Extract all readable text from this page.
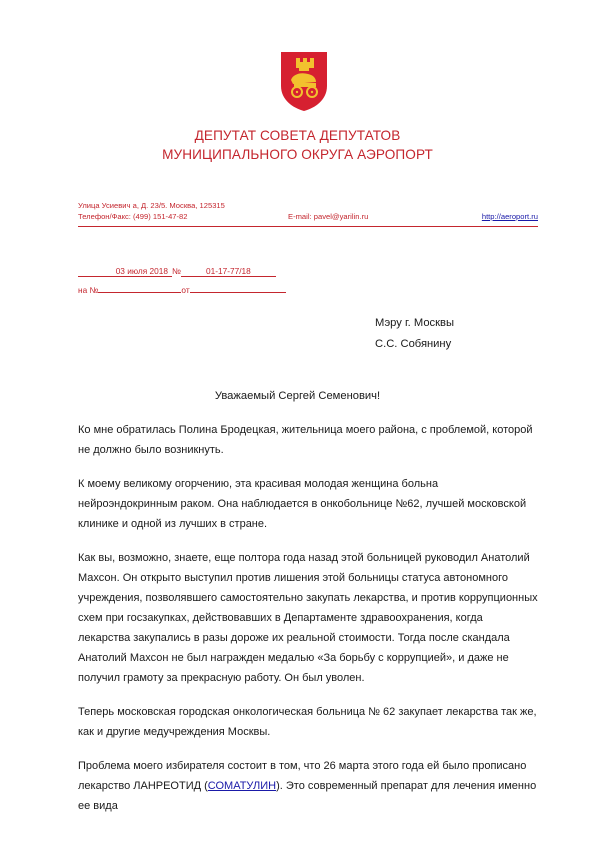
ДЕПУТАТ СОВЕТА ДЕПУТАТОВ
МУНИЦИПАЛЬНОГО ОКРУГА АЭРОПОРТ
Улица Усиевич а, Д. 23/5. Москва, 125315
Телефон/Факс: (499) 151-47-82	E-mail: pavel@yarilin.ru	http://aeroport.ru
03 июля 2018 №	01-17-77/18
на №	от
Мэру г. Москвы
С.С. Собянину
Уважаемый Сергей Семенович!

Ко мне обратилась Полина Бродецкая, жительница моего района, с проблемой, которой не должно было возникнуть.

К моему великому огорчению, эта красивая молодая женщина больна нейроэндокринным раком. Она наблюдается в онкобольнице №62, лучшей московской клинике и одной из лучших в стране.

Как вы, возможно, знаете, еще полтора года назад этой больницей руководил Анатолий Махсон. Он открыто выступил против лишения этой больницы статуса автономного учреждения, позволявшего самостоятельно закупать лекарства, и против коррупционных схем при госзакупках, действовавших в Департаменте здравоохранения, когда лекарства закупались в разы дороже их реальной стоимости. Тогда после скандала Анатолий Махсон не был награжден медалью «За борьбу с коррупцией», и даже не получил грамоту за прекрасную работу. Он был уволен.

Теперь московская городская онкологическая больница № 62 закупает лекарства так же, как и другие медучреждения Москвы.

Проблема моего избирателя состоит в том, что 26 марта этого года ей было прописано лекарство ЛАНРЕОТИД (СОМАТУЛИН). Это современный препарат для лечения именно ее вида
